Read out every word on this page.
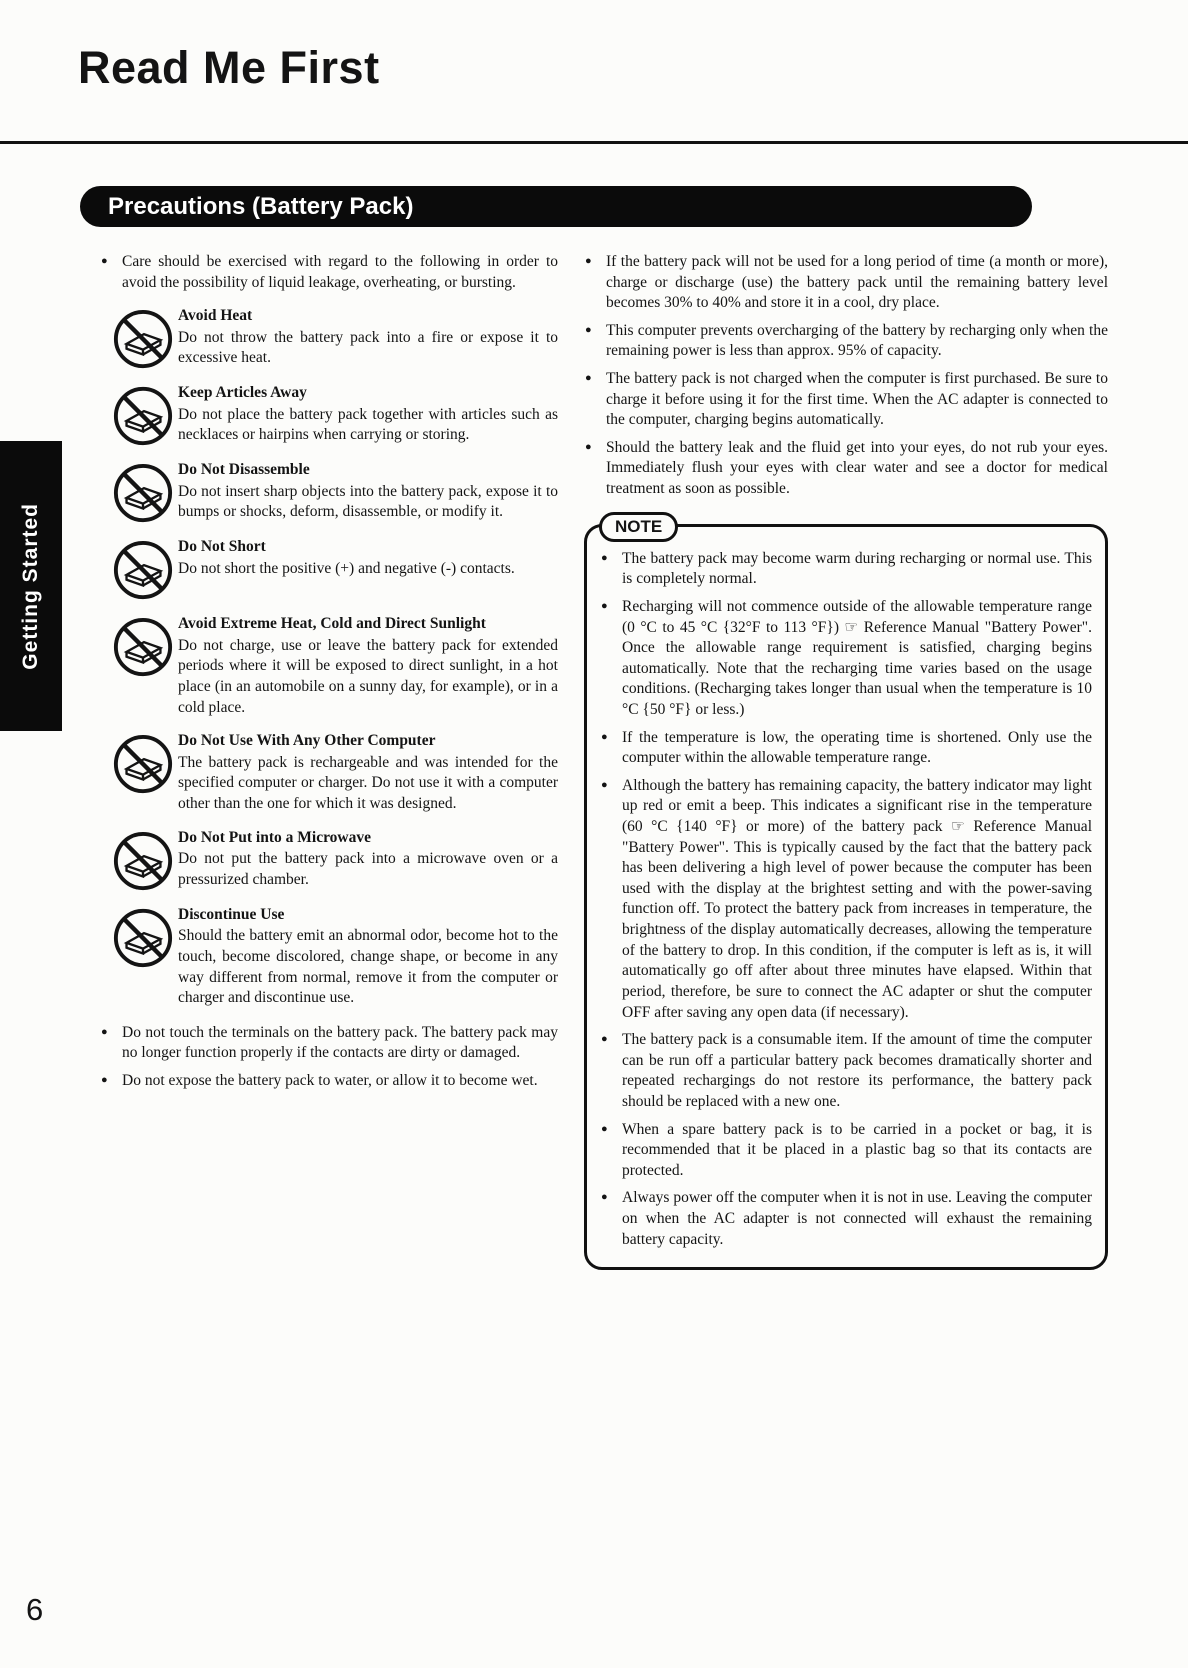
Read Me First
Precautions (Battery Pack)
Getting Started
● Care should be exercised with regard to the following in order to avoid the possibility of liquid leakage, overheating, or bursting.
Avoid Heat
Do not throw the battery pack into a fire or expose it to excessive heat.
Keep Articles Away
Do not place the battery pack together with articles such as necklaces or hairpins when carrying or storing.
Do Not Disassemble
Do not insert sharp objects into the battery pack, expose it to bumps or shocks, deform, disassemble, or modify it.
Do Not Short
Do not short the positive (+) and negative (-) contacts.
Avoid Extreme Heat, Cold and Direct Sunlight
Do not charge, use or leave the battery pack for extended periods where it will be exposed to direct sunlight, in a hot place (in an automobile on a sunny day, for example), or in a cold place.
Do Not Use With Any Other Computer
The battery pack is rechargeable and was intended for the specified computer or charger. Do not use it with a computer other than the one for which it was designed.
Do Not Put into a Microwave
Do not put the battery pack into a microwave oven or a pressurized chamber.
Discontinue Use
Should the battery emit an abnormal odor, become hot to the touch, become discolored, change shape, or become in any way different from normal, remove it from the computer or charger and discontinue use.
● Do not touch the terminals on the battery pack. The battery pack may no longer function properly if the contacts are dirty or damaged.
● Do not expose the battery pack to water, or allow it to become wet.
● If the battery pack will not be used for a long period of time (a month or more), charge or discharge (use) the battery pack until the remaining battery level becomes 30% to 40% and store it in a cool, dry place.
● This computer prevents overcharging of the battery by recharging only when the remaining power is less than approx. 95% of capacity.
● The battery pack is not charged when the computer is first purchased. Be sure to charge it before using it for the first time. When the AC adapter is connected to the computer, charging begins automatically.
● Should the battery leak and the fluid get into your eyes, do not rub your eyes. Immediately flush your eyes with clear water and see a doctor for medical treatment as soon as possible.
NOTE
● The battery pack may become warm during recharging or normal use. This is completely normal.
● Recharging will not commence outside of the allowable temperature range (0 °C to 45 °C {32°F to 113 °F}) ☞ Reference Manual "Battery Power". Once the allowable range requirement is satisfied, charging begins automatically. Note that the recharging time varies based on the usage conditions. (Recharging takes longer than usual when the temperature is 10 °C {50 °F} or less.)
● If the temperature is low, the operating time is shortened. Only use the computer within the allowable temperature range.
● Although the battery has remaining capacity, the battery indicator may light up red or emit a beep. This indicates a significant rise in the temperature (60 °C {140 °F} or more) of the battery pack ☞ Reference Manual "Battery Power". This is typically caused by the fact that the battery pack has been delivering a high level of power because the computer has been used with the display at the brightest setting and with the power-saving function off. To protect the battery pack from increases in temperature, the brightness of the display automatically decreases, allowing the temperature of the battery to drop. In this condition, if the computer is left as is, it will automatically go off after about three minutes have elapsed. Within that period, therefore, be sure to connect the AC adapter or shut the computer OFF after saving any open data (if necessary).
● The battery pack is a consumable item. If the amount of time the computer can be run off a particular battery pack becomes dramatically shorter and repeated rechargings do not restore its performance, the battery pack should be replaced with a new one.
● When a spare battery pack is to be carried in a pocket or bag, it is recommended that it be placed in a plastic bag so that its contacts are protected.
● Always power off the computer when it is not in use. Leaving the computer on when the AC adapter is not connected will exhaust the remaining battery capacity.
6
